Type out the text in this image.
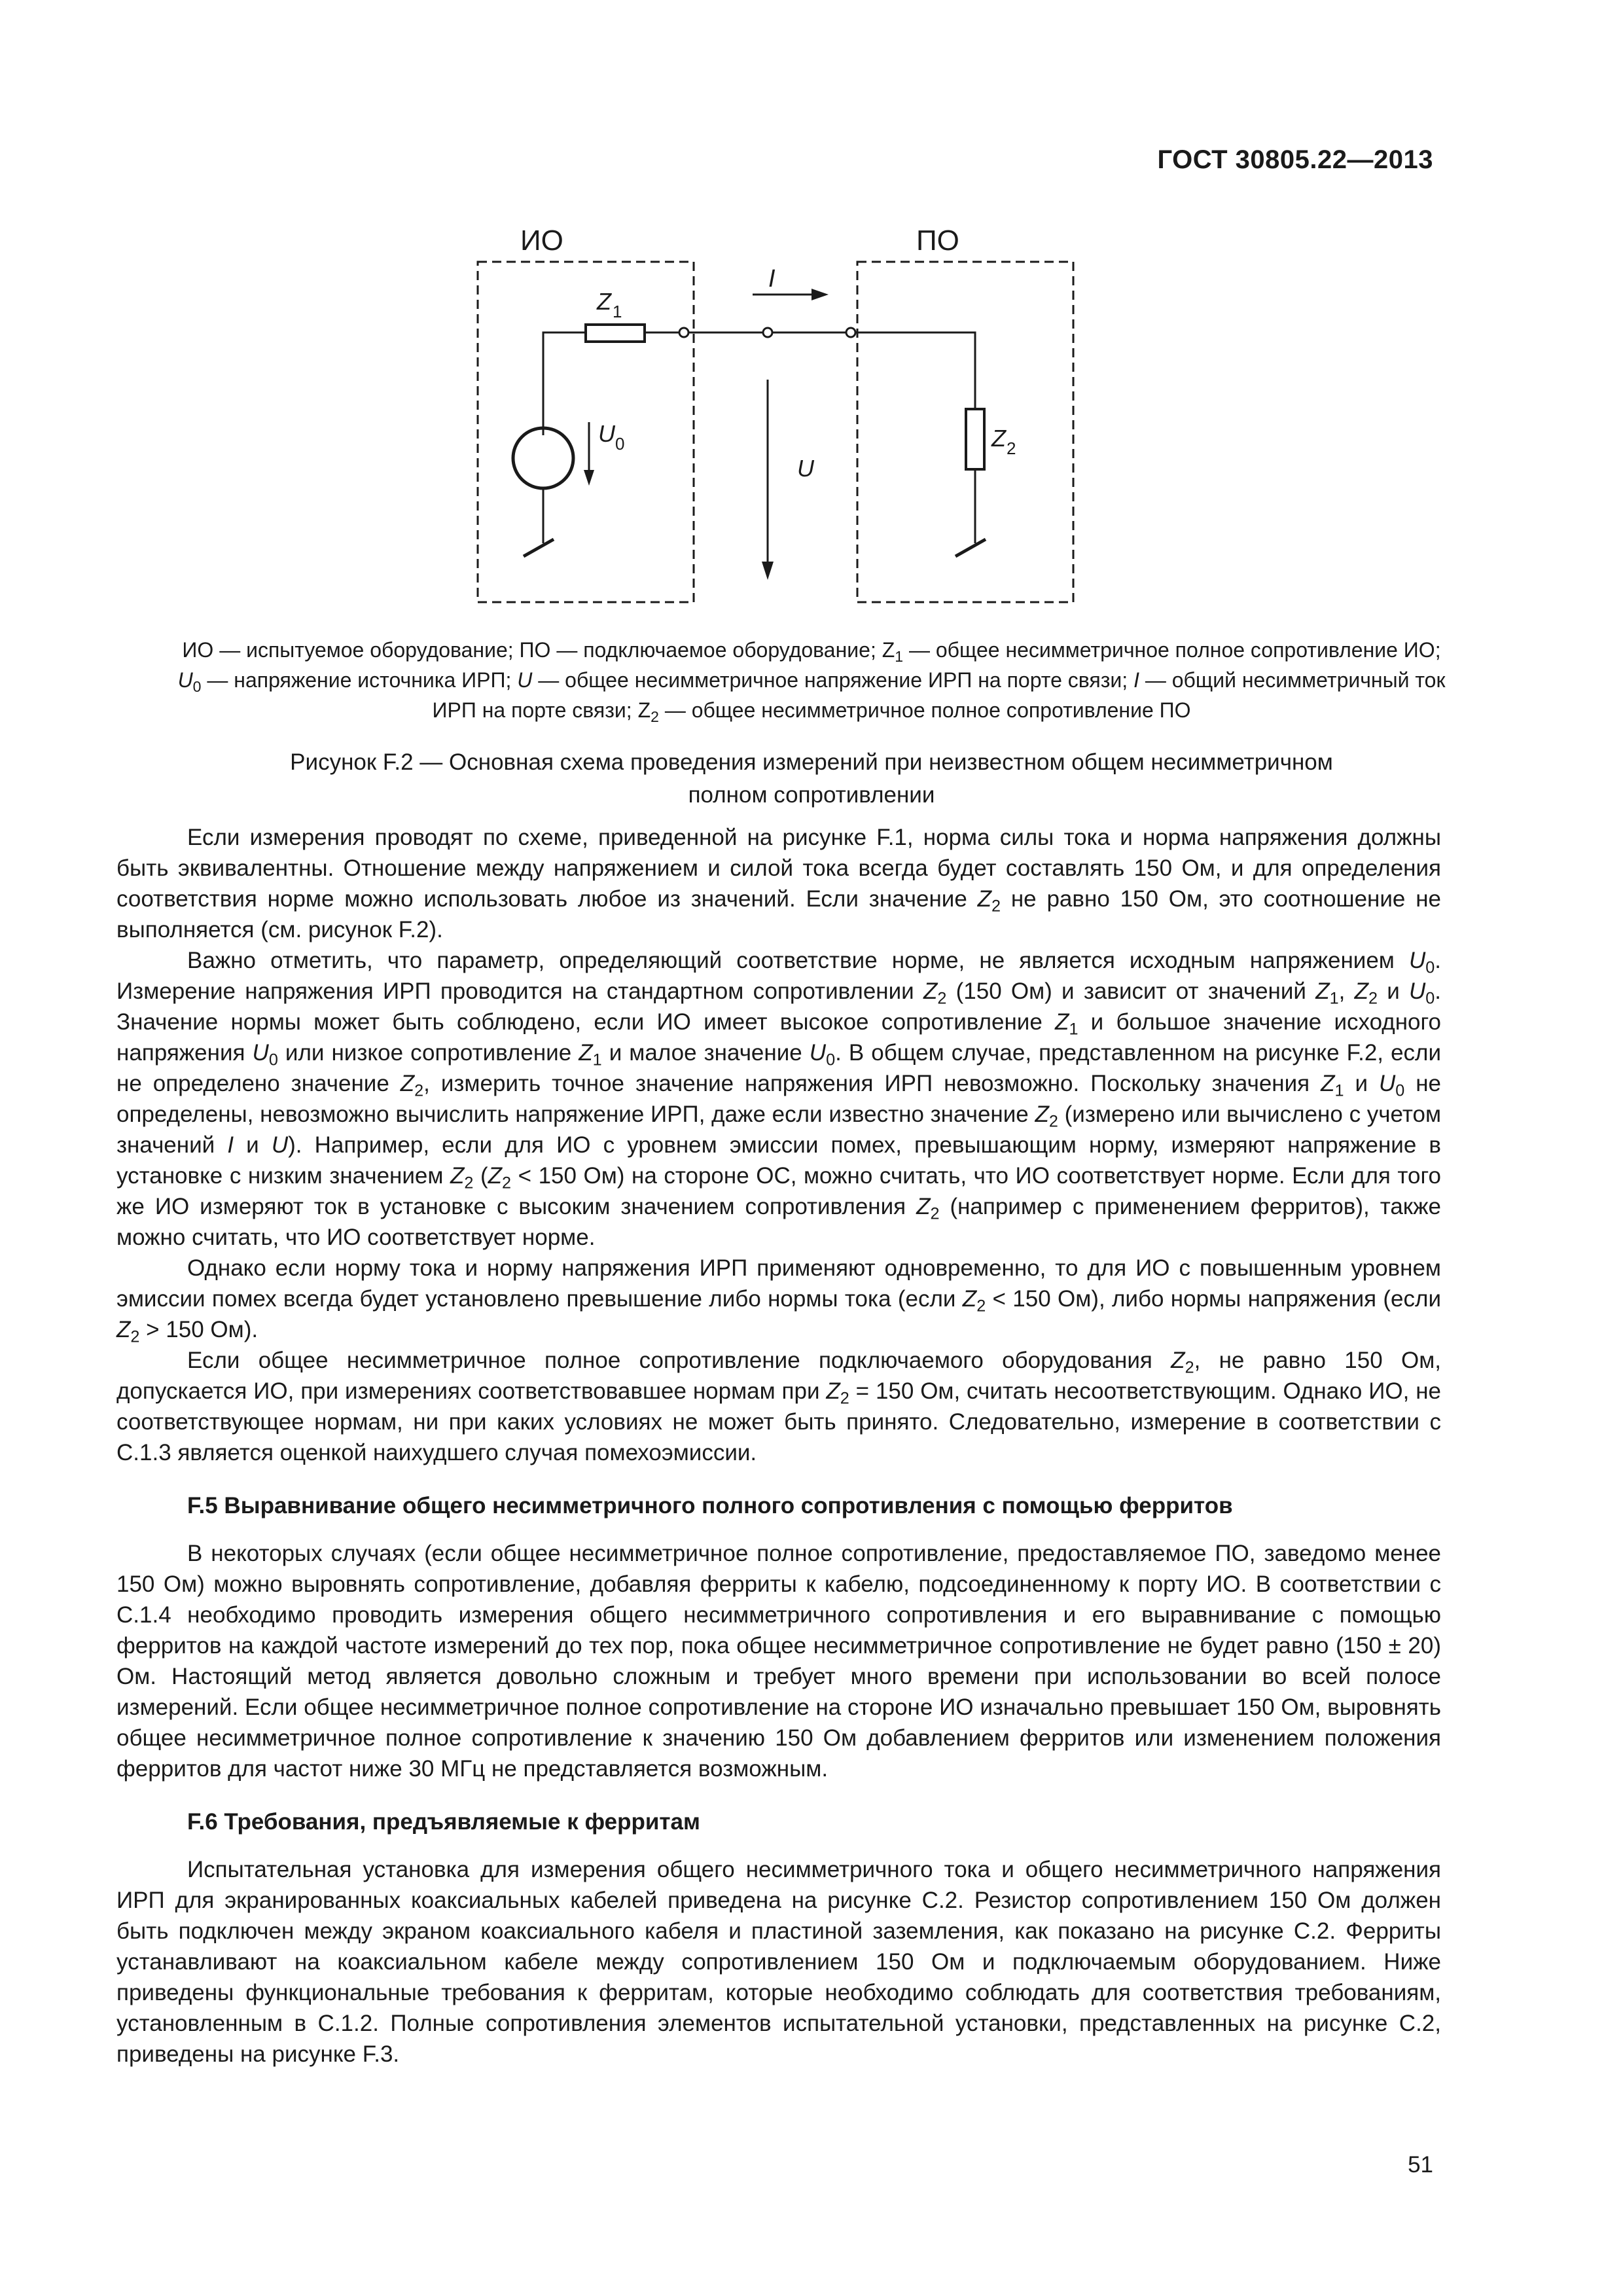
ГОСТ 30805.22—2013
ИО	ПО
I
Z 1
Z 2
U 0
U
ИО — испытуемое оборудование; ПО — подключаемое оборудование; $Z_1$ — общее несимметричное полное сопротивление ИО;
$U_0$ — напряжение источника ИРП; U — общее несимметричное напряжение ИРП на порте связи; I — общий несимметричный ток
ИРП на порте связи; $Z_2$ — общее несимметричное полное сопротивление ПО
Рисунок F.2 — Основная схема проведения измерений при неизвестном общем несимметричном
полном сопротивлении

Если измерения проводят по схеме, приведенной на рисунке F.1, норма силы тока и норма напряжения должны быть эквивалентны. Отношение между напряжением и силой тока всегда будет составлять 150 Ом, и для определения соответствия норме можно использовать любое из значений. Если значение $Z_2$ не равно 150 Ом, это соотношение не выполняется (см. рисунок F.2).

Важно отметить, что параметр, определяющий соответствие норме, не является исходным напряжением $U_0$. Измерение напряжения ИРП проводится на стандартном сопротивлении $Z_2$ (150 Ом) и зависит от значений $Z_1$, $Z_2$ и $U_0$. Значение нормы может быть соблюдено, если ИО имеет высокое сопротивление $Z_1$ и большое значение исходного напряжения $U_0$ или низкое сопротивление $Z_1$ и малое значение $U_0$. В общем случае, представленном на рисунке F.2, если не определено значение $Z_2$, измерить точное значение напряжения ИРП невозможно. Поскольку значения $Z_1$ и $U_0$ не определены, невозможно вычислить напряжение ИРП, даже если известно значение $Z_2$ (измерено или вычислено с учетом значений I и U). Например, если для ИО с уровнем эмиссии помех, превышающим норму, измеряют напряжение в установке с низким значением $Z_2$ ($Z_2 < 150$ Ом) на стороне ОС, можно считать, что ИО соответствует норме. Если для того же ИО измеряют ток в установке с высоким значением сопротивления $Z_2$ (например с применением ферритов), также можно считать, что ИО соответствует норме.

Однако если норму тока и норму напряжения ИРП применяют одновременно, то для ИО с повышенным уровнем эмиссии помех всегда будет установлено превышение либо нормы тока (если $Z_2 < 150$ Ом), либо нормы напряжения (если $Z_2 > 150$ Ом).

Если общее несимметричное полное сопротивление подключаемого оборудования $Z_2$, не равно 150 Ом, допускается ИО, при измерениях соответствовавшее нормам при $Z_2 = 150$ Ом, считать несоответствующим. Однако ИО, не соответствующее нормам, ни при каких условиях не может быть принято. Следовательно, измерение в соответствии с С.1.3 является оценкой наихудшего случая помехоэмиссии.

F.5 Выравнивание общего несимметричного полного сопротивления с помощью ферритов

В некоторых случаях (если общее несимметричное полное сопротивление, предоставляемое ПО, заведомо менее 150 Ом) можно выровнять сопротивление, добавляя ферриты к кабелю, подсоединенному к порту ИО. В соответствии с С.1.4 необходимо проводить измерения общего несимметричного сопротивления и его выравнивание с помощью ферритов на каждой частоте измерений до тех пор, пока общее несимметричное сопротивление не будет равно (150 ± 20) Ом. Настоящий метод является довольно сложным и требует много времени при использовании во всей полосе измерений. Если общее несимметричное полное сопротивление на стороне ИО изначально превышает 150 Ом, выровнять общее несимметричное полное сопротивление к значению 150 Ом добавлением ферритов или изменением положения ферритов для частот ниже 30 МГц не представляется возможным.

F.6 Требования, предъявляемые к ферритам

Испытательная установка для измерения общего несимметричного тока и общего несимметричного напряжения ИРП для экранированных коаксиальных кабелей приведена на рисунке С.2. Резистор сопротивлением 150 Ом должен быть подключен между экраном коаксиального кабеля и пластиной заземления, как показано на рисунке С.2. Ферриты устанавливают на коаксиальном кабеле между сопротивлением 150 Ом и подключаемым оборудованием. Ниже приведены функциональные требования к ферритам, которые необходимо соблюдать для соответствия требованиям, установленным в С.1.2. Полные сопротивления элементов испытательной установки, представленных на рисунке С.2, приведены на рисунке F.3.

51
